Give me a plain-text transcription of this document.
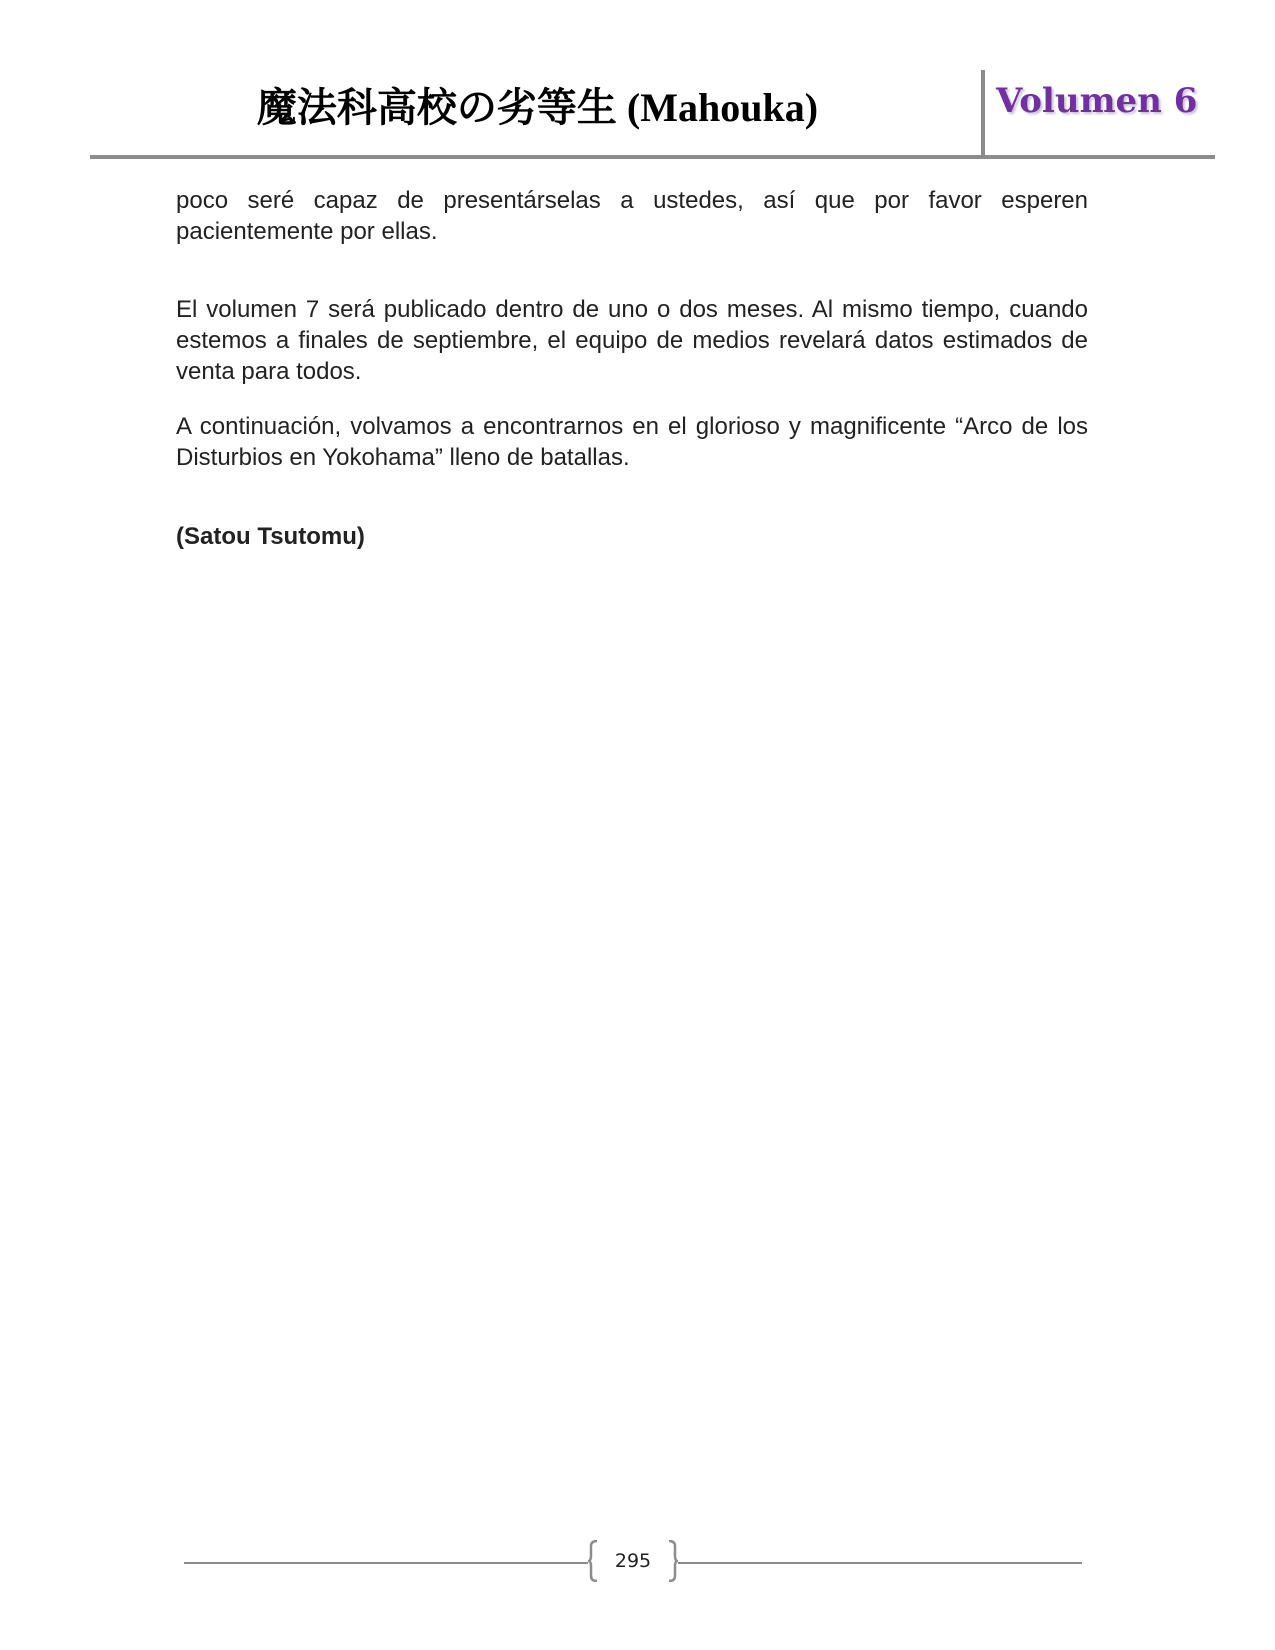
魔法科高校の劣等生 (Mahouka)	Volumen 6

poco seré capaz de presentárselas a ustedes, así que por favor esperen pacientemente por ellas.

El volumen 7 será publicado dentro de uno o dos meses. Al mismo tiempo, cuando estemos a finales de septiembre, el equipo de medios revelará datos estimados de venta para todos.

A continuación, volvamos a encontrarnos en el glorioso y magnificente “Arco de los Disturbios en Yokohama” lleno de batallas.

(Satou Tsutomu)

295
